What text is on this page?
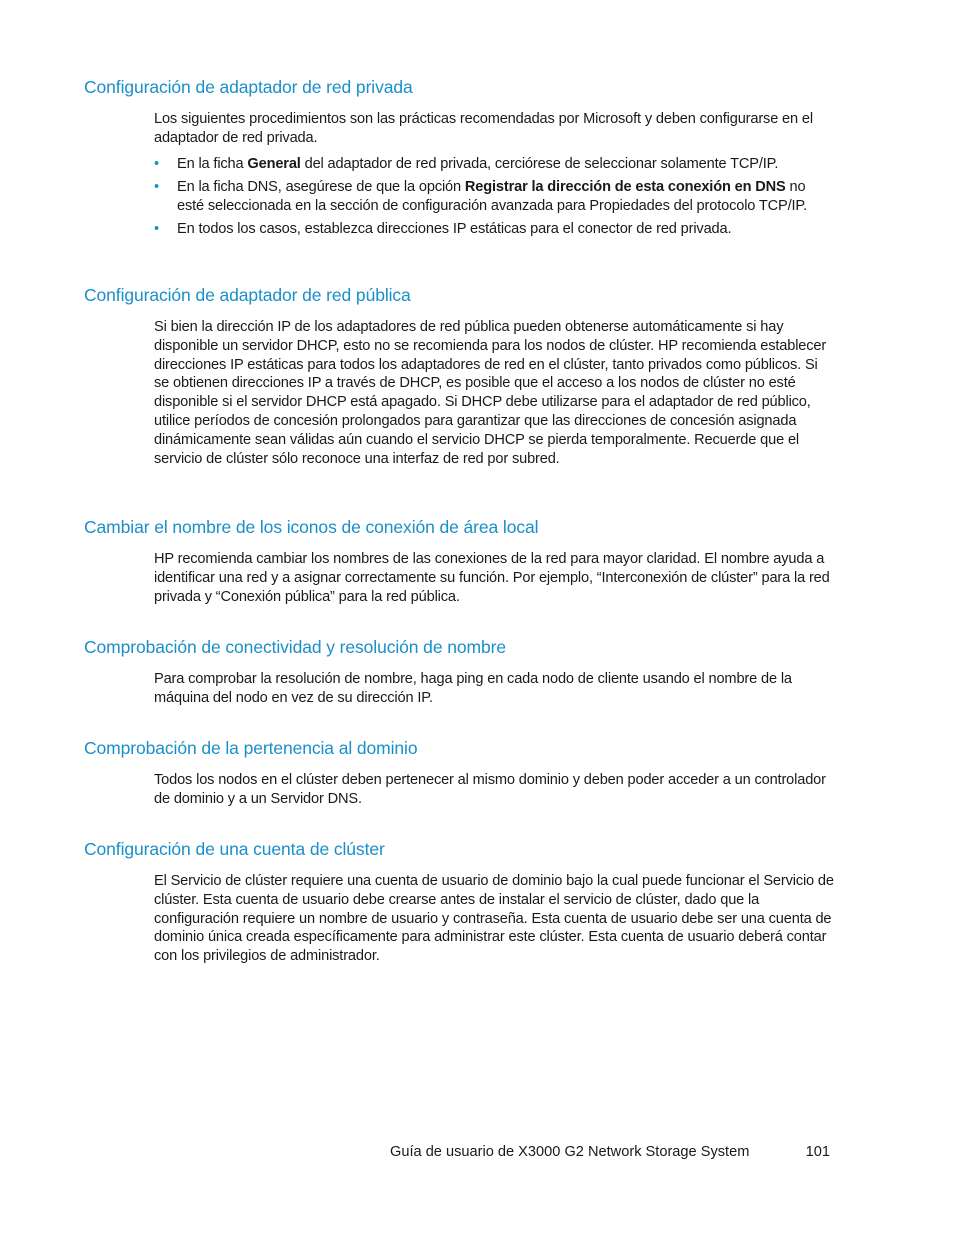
Configuración de adaptador de red privada

Los siguientes procedimientos son las prácticas recomendadas por Microsoft y deben configurarse en el adaptador de red privada.

• En la ficha General del adaptador de red privada, cerciórese de seleccionar solamente TCP/IP.
• En la ficha DNS, asegúrese de que la opción Registrar la dirección de esta conexión en DNS no esté seleccionada en la sección de configuración avanzada para Propiedades del protocolo TCP/IP.
• En todos los casos, establezca direcciones IP estáticas para el conector de red privada.
Configuración de adaptador de red pública

Si bien la dirección IP de los adaptadores de red pública pueden obtenerse automáticamente si hay disponible un servidor DHCP, esto no se recomienda para los nodos de clúster. HP recomienda establecer direcciones IP estáticas para todos los adaptadores de red en el clúster, tanto privados como públicos. Si se obtienen direcciones IP a través de DHCP, es posible que el acceso a los nodos de clúster no esté disponible si el servidor DHCP está apagado. Si DHCP debe utilizarse para el adaptador de red público, utilice períodos de concesión prolongados para garantizar que las direcciones de concesión asignada dinámicamente sean válidas aún cuando el servicio DHCP se pierda temporalmente. Recuerde que el servicio de clúster sólo reconoce una interfaz de red por subred.

Cambiar el nombre de los iconos de conexión de área local

HP recomienda cambiar los nombres de las conexiones de la red para mayor claridad. El nombre ayuda a identificar una red y a asignar correctamente su función. Por ejemplo, “Interconexión de clúster” para la red privada y “Conexión pública” para la red pública.

Comprobación de conectividad y resolución de nombre

Para comprobar la resolución de nombre, haga ping en cada nodo de cliente usando el nombre de la máquina del nodo en vez de su dirección IP.

Comprobación de la pertenencia al dominio

Todos los nodos en el clúster deben pertenecer al mismo dominio y deben poder acceder a un controlador de dominio y a un Servidor DNS.

Configuración de una cuenta de clúster

El Servicio de clúster requiere una cuenta de usuario de dominio bajo la cual puede funcionar el Servicio de clúster. Esta cuenta de usuario debe crearse antes de instalar el servicio de clúster, dado que la configuración requiere un nombre de usuario y contraseña. Esta cuenta de usuario debe ser una cuenta de dominio única creada específicamente para administrar este clúster. Esta cuenta de usuario deberá contar con los privilegios de administrador.

Guía de usuario de X3000 G2 Network Storage System	101
